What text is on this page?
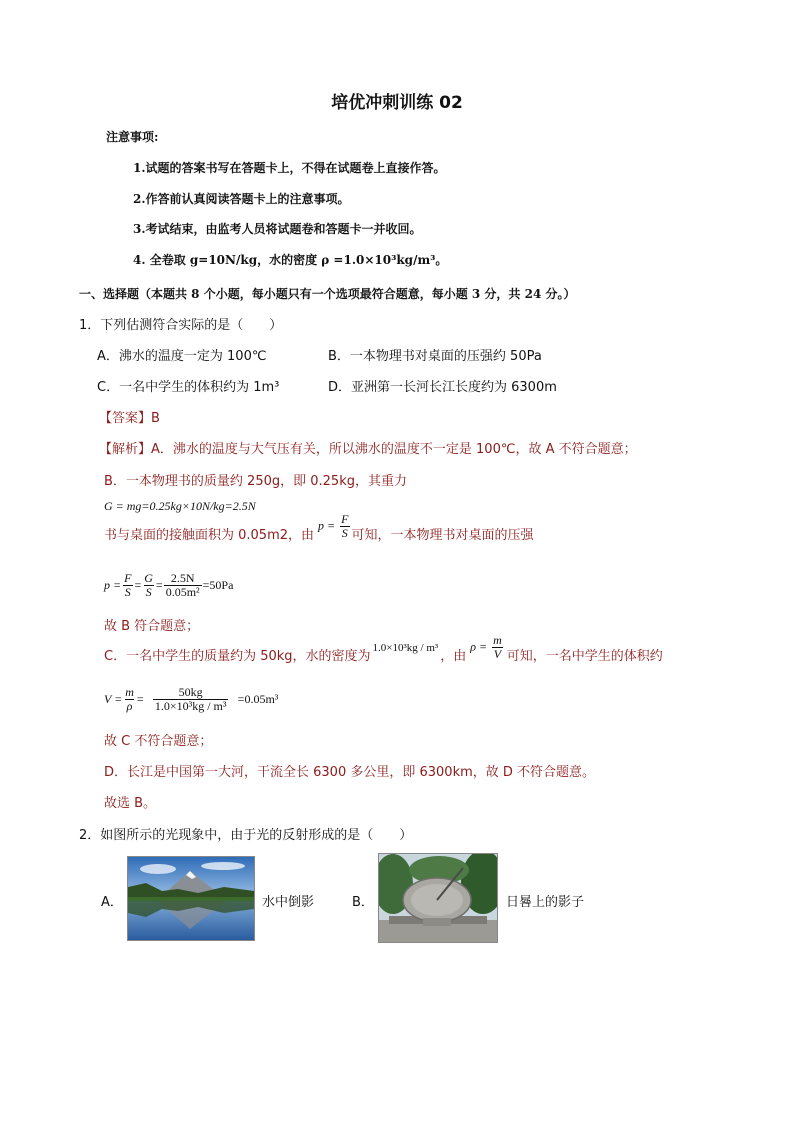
培优冲刺训练 02
注意事项:
1.试题的答案书写在答题卡上，不得在试题卷上直接作答。
2.作答前认真阅读答题卡上的注意事项。
3.考试结束，由监考人员将试题卷和答题卡一并收回。
4. 全卷取 g=10N/kg，水的密度 ρ =1.0×10³kg/m³。
一、选择题（本题共 8 个小题，每小题只有一个选项最符合题意，每小题 3 分，共 24 分。）
1．下列估测符合实际的是（　　）
A．沸水的温度一定为 100℃	B．一本物理书对桌面的压强约 50Pa
C．一名中学生的体积约为 1m³	D．亚洲第一长河长江长度约为 6300m
【答案】B
【解析】A．沸水的温度与大气压有关，所以沸水的温度不一定是 100℃，故 A 不符合题意；
B．一本物理书的质量约 250g，即 0.25kg，其重力
G = mg=0.25kg×10N/kg=2.5N
书与桌面的接触面积为 0.05m2，由
$p = \frac{F}{S}$ 可知，一本物理书对桌面的压强
$p = \frac{F}{S} = \frac{G}{S} = \frac{2.5N}{\text{0.05m²}} =50Pa$
故 B 符合题意；
C．一名中学生的质量约为 50kg，水的密度为
1.0×10³kg / m³
，由
$\rho = \frac{m}{V}$ 可知，一名中学生的体积约
$V = \frac{m}{\rho} = \frac{50kg}{\text{1.0×10³kg / m³}} =0.05m^3$
故 C 不符合题意；
D．长江是中国第一大河，干流全长 6300 多公里，即 6300km，故 D 不符合题意。
故选 B。
2．如图所示的光现象中，由于光的反射形成的是（　　）
A．	水中倒影	B．	日晷上的影子
